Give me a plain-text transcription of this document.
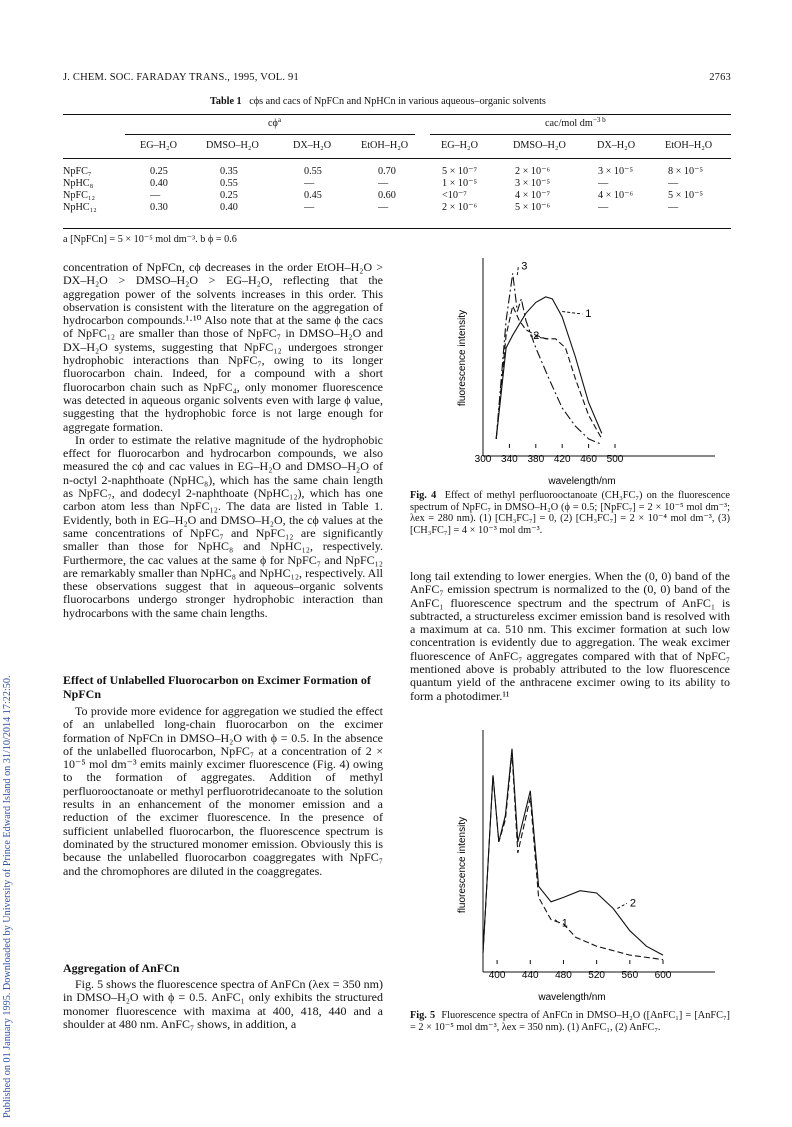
Published on 01 January 1995. Downloaded by University of Prince Edward Island on 31/10/2014 17:22:50.
J. CHEM. SOC. FARADAY TRANS., 1995, VOL. 91	2763
Table 1 cϕs and cacs of NpFCn and NpHCn in various aqueous–organic solvents
$c\phi^a$	cac/mol $dm^{-3 b}$
EG–H₂O	DMSO–H₂O	DX–H₂O	EtOH–H₂O	EG–H₂O	DMSO–H₂O	DX–H₂O	EtOH–H₂O
NpFC₇	0.25	0.35	0.55	0.70	5 × 10⁻⁷	2 × 10⁻⁶	3 × 10⁻⁵	8 × 10⁻⁵
NpHC₈	0.40	0.55	—	—	1 × 10⁻⁵	3 × 10⁻⁵	—	—
NpFC₁₂	—	0.25	0.45	0.60	<10⁻⁷	4 × 10⁻⁷	4 × 10⁻⁶	5 × 10⁻⁵
NpHC₁₂	0.30	0.40	—	—	2 × 10⁻⁶	5 × 10⁻⁶	—	—
a [NpFCn] = 5 × 10⁻⁵ mol dm⁻³. b ϕ = 0.6

concentration of NpFCn, cϕ decreases in the order EtOH–H₂O > DX–H₂O > DMSO–H₂O > EG–H₂O, reflecting that the aggregation power of the solvents increases in this order. This observation is consistent with the literature on the aggregation of hydrocarbon compounds.¹·¹⁰ Also note that at the same ϕ the cacs of NpFC₁₂ are smaller than those of NpFC₇ in DMSO–H₂O and DX–H₂O systems, suggesting that NpFC₁₂ undergoes stronger hydrophobic interactions than NpFC₇, owing to its longer fluorocarbon chain. Indeed, for a compound with a short fluorocarbon chain such as NpFC₄, only monomer fluorescence was detected in aqueous organic solvents even with large ϕ value, suggesting that the hydrophobic force is not large enough for aggregate formation.

In order to estimate the relative magnitude of the hydrophobic effect for fluorocarbon and hydrocarbon compounds, we also measured the cϕ and cac values in EG–H₂O and DMSO–H₂O of n-octyl 2-naphthoate (NpHC₈), which has the same chain length as NpFC₇, and dodecyl 2-naphthoate (NpHC₁₂), which has one carbon atom less than NpFC₁₂. The data are listed in Table 1. Evidently, both in EG–H₂O and DMSO–H₂O, the cϕ values at the same concentrations of NpFC₇ and NpFC₁₂ are significantly smaller than those for NpHC₈ and NpHC₁₂, respectively. Furthermore, the cac values at the same ϕ for NpFC₇ and NpFC₁₂ are remarkably smaller than NpHC₈ and NpHC₁₂, respectively. All these observations suggest that in aqueous–organic solvents fluorocarbons undergo stronger hydrophobic interaction than hydrocarbons with the same chain lengths.

Effect of Unlabelled Fluorocarbon on Excimer Formation of NpFCn

To provide more evidence for aggregation we studied the effect of an unlabelled long-chain fluorocarbon on the excimer formation of NpFCn in DMSO–H₂O with ϕ = 0.5. In the absence of the unlabelled fluorocarbon, NpFC₇ at a concentration of 2 × 10⁻⁵ mol dm⁻³ emits mainly excimer fluorescence (Fig. 4) owing to the formation of aggregates. Addition of methyl perfluorooctanoate or methyl perfluorotridecanoate to the solution results in an enhancement of the monomer emission and a reduction of the excimer fluorescence. In the presence of sufficient unlabelled fluorocarbon, the fluorescence spectrum is dominated by the structured monomer emission. Obviously this is because the unlabelled fluorocarbon coaggregates with NpFC₇ and the chromophores are diluted in the coaggregates.

Aggregation of AnFCn

Fig. 5 shows the fluorescence spectra of AnFCn (λex = 350 nm) in DMSO–H₂O with ϕ = 0.5. AnFC₁ only exhibits the structured monomer fluorescence with maxima at 400, 418, 440 and a shoulder at 480 nm. AnFC₇ shows, in addition, a

fluorescence intensity
300 340 380 420 460 500
wavelength/nm
1
2
3
Fig. 4 Effect of methyl perfluorooctanoate (CH₃FC₇) on the fluorescence spectrum of NpFC₇ in DMSO–H₂O (ϕ = 0.5; [NpFC₇] = 2 × 10⁻⁵ mol dm⁻³; λex = 280 nm). (1) [CH₃FC₇] = 0, (2) [CH₃FC₇] = 2 × 10⁻⁴ mol dm⁻³, (3) [CH₃FC₇] = 4 × 10⁻³ mol dm⁻³.

long tail extending to lower energies. When the (0, 0) band of the AnFC₇ emission spectrum is normalized to the (0, 0) band of the AnFC₁ fluorescence spectrum and the spectrum of AnFC₁ is subtracted, a structureless excimer emission band is resolved with a maximum at ca. 510 nm. This excimer formation at such low concentration is evidently due to aggregation. The weak excimer fluorescence of AnFC₇ aggregates compared with that of NpFC₇ mentioned above is probably attributed to the low fluorescence quantum yield of the anthracene excimer owing to its ability to form a photodimer.¹¹

fluorescence intensity
400 440 480 520 560 600
wavelength/nm
1
2
Fig. 5 Fluorescence spectra of AnFCn in DMSO–H₂O ([AnFC₁] = [AnFC₇] = 2 × 10⁻⁵ mol dm⁻³, λex = 350 nm). (1) AnFC₁, (2) AnFC₇.
